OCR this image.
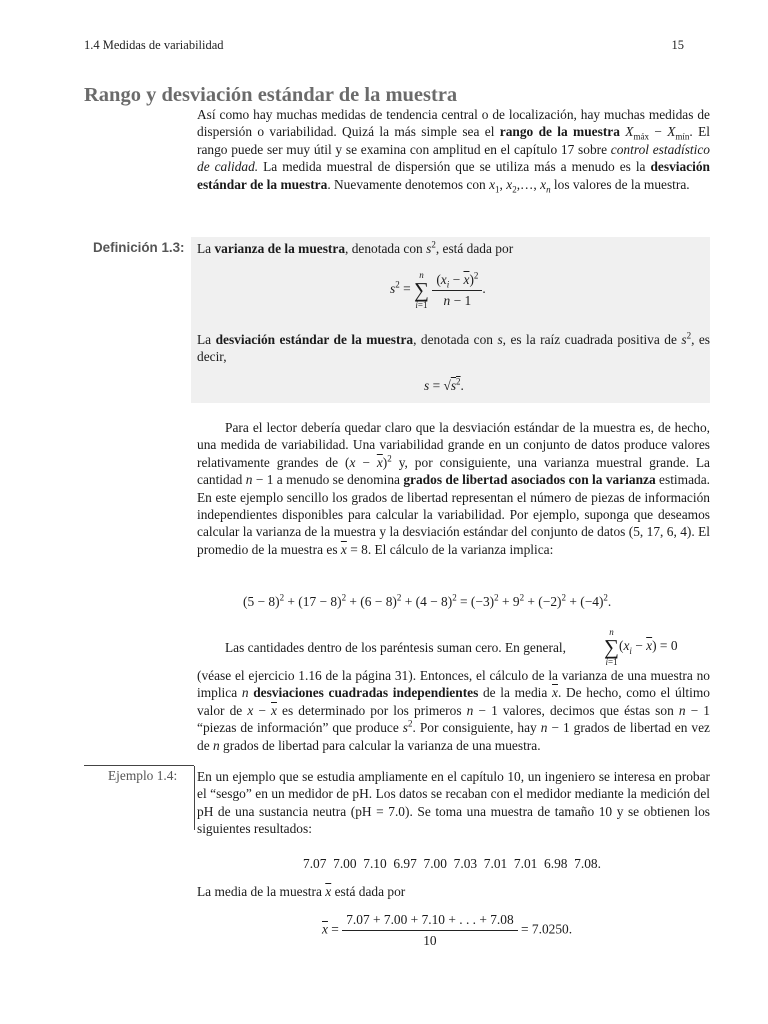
1.4 Medidas de variabilidad	15
Rango y desviación estándar de la muestra

Así como hay muchas medidas de tendencia central o de localización, hay muchas medidas de dispersión o variabilidad. Quizá la más simple sea el rango de la muestra $X_{máx} - X_{mín}$. El rango puede ser muy útil y se examina con amplitud en el capítulo 17 sobre control estadístico de calidad. La medida muestral de dispersión que se utiliza más a menudo es la desviación estándar de la muestra. Nuevamente denotemos con $x_1$, $x_2,\dots$, $x_n$ los valores de la muestra.

Definición 1.3: La varianza de la muestra, denotada con $s^2$, está dada por
$s^2 = n$
∑
$i=1 \frac{(x_i - \overline{x})^2}{n - 1}$ .

La desviación estándar de la muestra, denotada con s, es la raíz cuadrada positiva de $s^2$, es decir,

$s = √s^2$.

Para el lector debería quedar claro que la desviación estándar de la muestra es, de hecho, una medida de variabilidad. Una variabilidad grande en un conjunto de datos produce valores relativamente grandes de $(x - \overline{x})^2$ y, por consiguiente, una varianza muestral grande. La cantidad n − 1 a menudo se denomina grados de libertad asociados con la varianza estimada. En este ejemplo sencillo los grados de libertad representan el número de piezas de información independientes disponibles para calcular la variabilidad. Por ejemplo, suponga que deseamos calcular la varianza de la muestra y la desviación estándar del conjunto de datos (5, 17, 6, 4). El promedio de la muestra es $\overline{x} = 8$. El cálculo de la varianza implica:

$(5 - 8)^2 + (17 - 8)^2 + (6 - 8)^2 + (4 - 8)^2 = (-3)^2 + 9^2 + (-2)^2 + (-4)^2$.

Las cantidades dentro de los paréntesis suman cero. En general,

n
∑
$i=1(x_i - \overline{x}) = 0$

(véase el ejercicio 1.16 de la página 31). Entonces, el cálculo de la varianza de una muestra no implica n desviaciones cuadradas independientes de la media $\overline{x}$. De hecho, como el último valor de $x - \overline{x}$ es determinado por los primeros n − 1 valores, decimos que éstas son n − 1 “piezas de información” que produce $s^2$. Por consiguiente, hay n − 1 grados de libertad en vez de n grados de libertad para calcular la varianza de una muestra.

Ejemplo 1.4: En un ejemplo que se estudia ampliamente en el capítulo 10, un ingeniero se interesa en probar el “sesgo” en un medidor de pH. Los datos se recaban con el medidor mediante la medición del pH de una sustancia neutra (pH = 7.0). Se toma una muestra de tamaño 10 y se obtienen los siguientes resultados:

7.07  7.00  7.10  6.97  7.00  7.03  7.01  7.01  6.98  7.08.
La media de la muestra $\overline{x}$ está dada por
$\overline{x} = \frac{7.07 + 7.00 + 7.10 + . . . + 7.08}{10} = 7.0250$.
